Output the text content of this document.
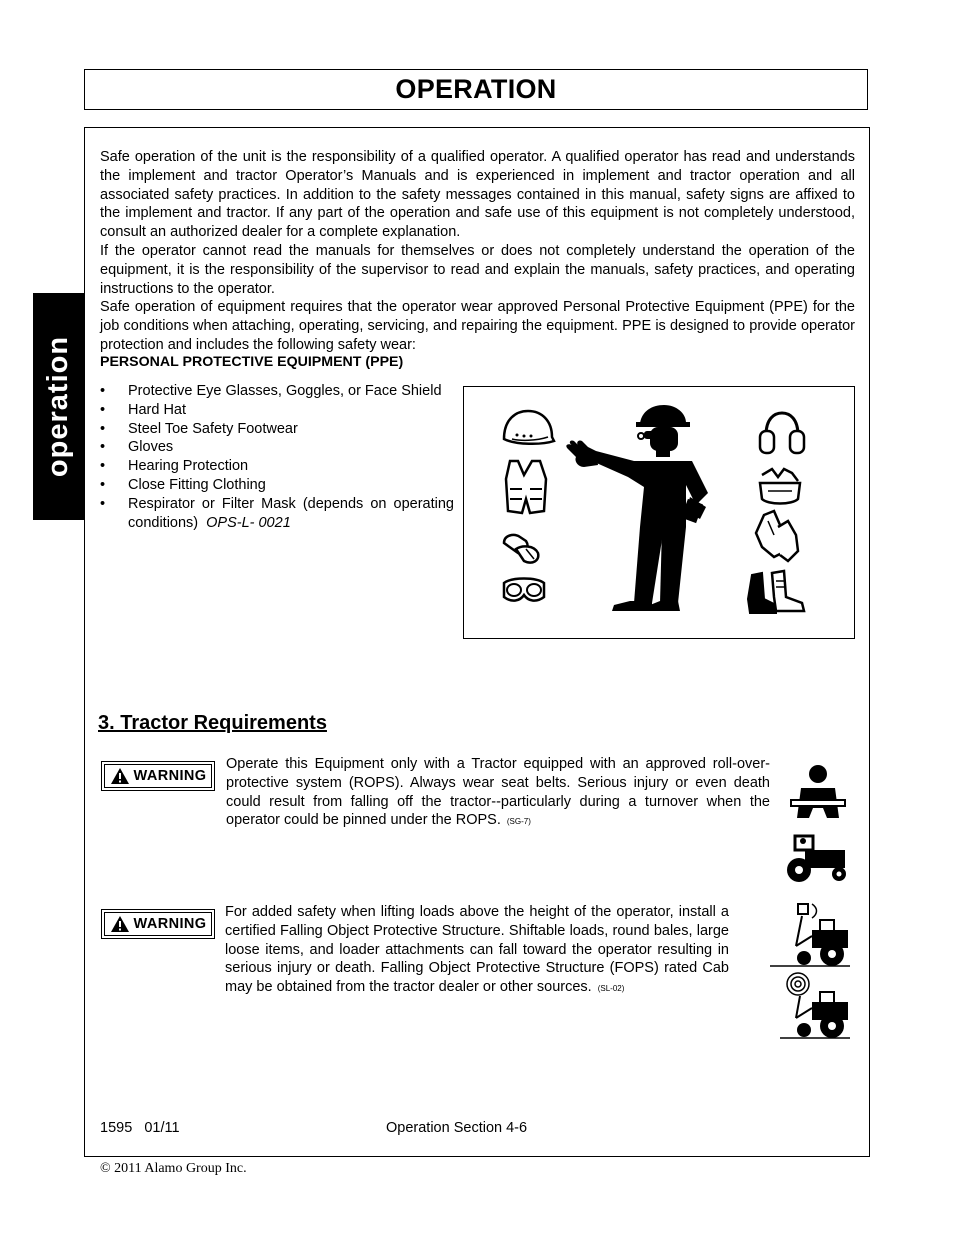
OPERATION
operation

Safe operation of the unit is the responsibility of a qualified operator. A qualified operator has read and understands the implement and tractor Operator’s Manuals and is experienced in implement and tractor operation and all associated safety practices. In addition to the safety messages contained in this manual, safety signs are affixed to the implement and tractor. If any part of the operation and safe use of this equipment is not completely understood, consult an authorized dealer for a complete explanation.

If the operator cannot read the manuals for themselves or does not completely understand the operation of the equipment, it is the responsibility of the supervisor to read and explain the manuals, safety practices, and operating instructions to the operator.

Safe operation of equipment requires that the operator wear approved Personal Protective Equipment (PPE) for the job conditions when attaching, operating, servicing, and repairing the equipment. PPE is designed to provide operator protection and includes the following safety wear:

PERSONAL PROTECTIVE EQUIPMENT (PPE)
• Protective Eye Glasses, Goggles, or Face Shield
• Hard Hat
• Steel Toe Safety Footwear
• Gloves
• Hearing Protection
• Close Fitting Clothing
• Respirator or Filter Mask (depends on operating conditions) OPS-L- 0021
3. Tractor Requirements
WARNING
Operate this Equipment only with a Tractor equipped with an approved roll-over-protective system (ROPS). Always wear seat belts. Serious injury or even death could result from falling off the tractor--particularly during a turnover when the operator could be pinned under the ROPS. (SG-7)
WARNING
For added safety when lifting loads above the height of the operator, install a certified Falling Object Protective Structure. Shiftable loads, round bales, large loose items, and loader attachments can fall toward the operator resulting in serious injury or death. Falling Object Protective Structure (FOPS) rated Cab may be obtained from the tractor dealer or other sources. (SL-02)
1595   01/11	Operation Section 4-6
© 2011 Alamo Group Inc.
